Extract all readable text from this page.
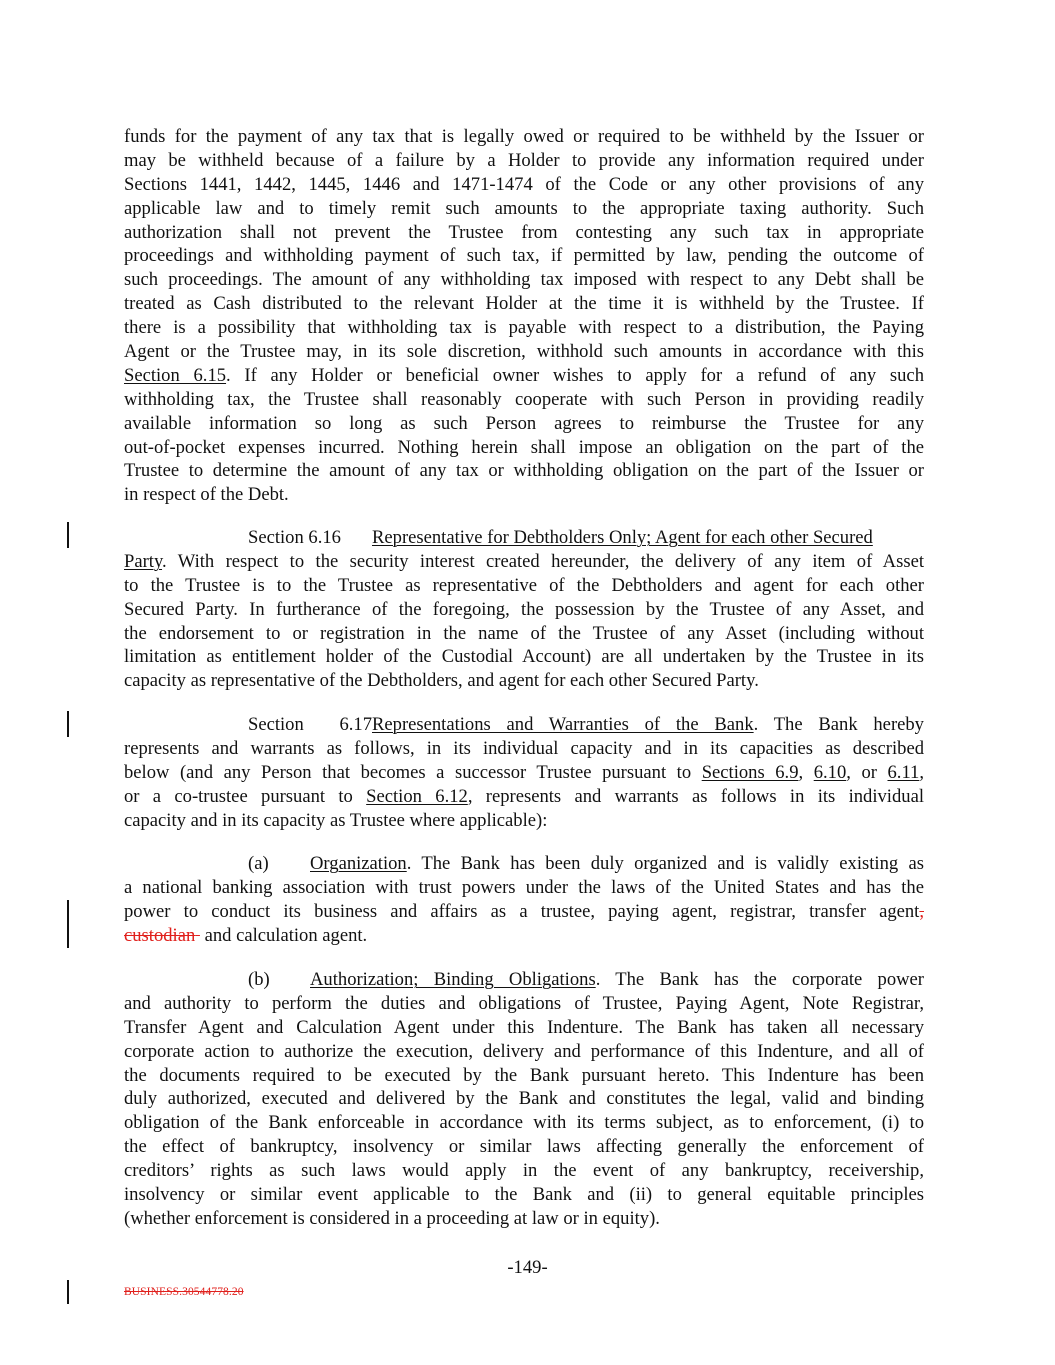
funds for the payment of any tax that is legally owed or required to be withheld by the Issuer or
may be withheld because of a failure by a Holder to provide any information required under
Sections 1441, 1442, 1445, 1446 and 1471-1474 of the Code or any other provisions of any
applicable law and to timely remit such amounts to the appropriate taxing authority. Such
authorization shall not prevent the Trustee from contesting any such tax in appropriate
proceedings and withholding payment of such tax, if permitted by law, pending the outcome of
such proceedings. The amount of any withholding tax imposed with respect to any Debt shall be
treated as Cash distributed to the relevant Holder at the time it is withheld by the Trustee. If
there is a possibility that withholding tax is payable with respect to a distribution, the Paying
Agent or the Trustee may, in its sole discretion, withhold such amounts in accordance with this
Section 6.15. If any Holder or beneficial owner wishes to apply for a refund of any such
withholding tax, the Trustee shall reasonably cooperate with such Person in providing readily
available information so long as such Person agrees to reimburse the Trustee for any
out-of-pocket expenses incurred. Nothing herein shall impose an obligation on the part of the
Trustee to determine the amount of any tax or withholding obligation on the part of the Issuer or
in respect of the Debt.
Section 6.16 Representative for Debtholders Only; Agent for each other Secured
Party. With respect to the security interest created hereunder, the delivery of any item of Asset
to the Trustee is to the Trustee as representative of the Debtholders and agent for each other
Secured Party. In furtherance of the foregoing, the possession by the Trustee of any Asset, and
the endorsement to or registration in the name of the Trustee of any Asset (including without
limitation as entitlement holder of the Custodial Account) are all undertaken by the Trustee in its
capacity as representative of the Debtholders, and agent for each other Secured Party.
Section 6.17Representations and Warranties of the Bank. The Bank hereby
represents and warrants as follows, in its individual capacity and in its capacities as described
below (and any Person that becomes a successor Trustee pursuant to Sections 6.9, 6.10, or 6.11,
or a co-trustee pursuant to Section 6.12, represents and warrants as follows in its individual
capacity and in its capacity as Trustee where applicable):
(a) Organization. The Bank has been duly organized and is validly existing as
a national banking association with trust powers under the laws of the United States and has the
power to conduct its business and affairs as a trustee, paying agent, registrar, transfer agent,
custodian  and calculation agent.
(b) Authorization; Binding Obligations. The Bank has the corporate power
and authority to perform the duties and obligations of Trustee, Paying Agent, Note Registrar,
Transfer Agent and Calculation Agent under this Indenture. The Bank has taken all necessary
corporate action to authorize the execution, delivery and performance of this Indenture, and all of
the documents required to be executed by the Bank pursuant hereto. This Indenture has been
duly authorized, executed and delivered by the Bank and constitutes the legal, valid and binding
obligation of the Bank enforceable in accordance with its terms subject, as to enforcement, (i) to
the effect of bankruptcy, insolvency or similar laws affecting generally the enforcement of
creditors’ rights as such laws would apply in the event of any bankruptcy, receivership,
insolvency or similar event applicable to the Bank and (ii) to general equitable principles
(whether enforcement is considered in a proceeding at law or in equity).
-149-
BUSINESS.30544778.20
